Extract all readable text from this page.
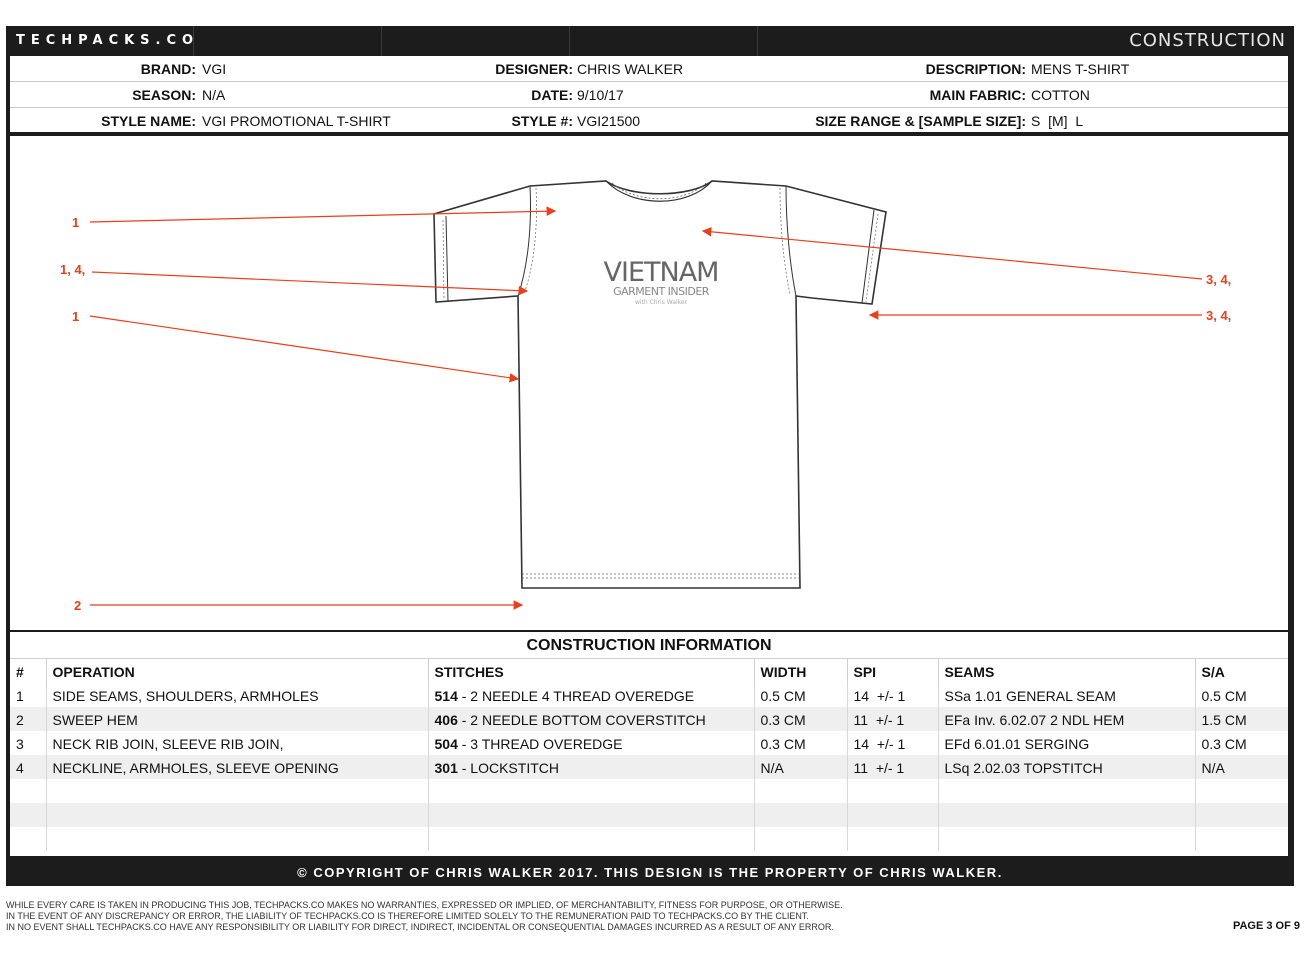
TECHPACKS.CO	CONSTRUCTION
BRAND: VGI	DESIGNER: CHRIS WALKER	DESCRIPTION: MENS T-SHIRT
SEASON: N/A	DATE: 9/10/17	MAIN FABRIC: COTTON
STYLE NAME: VGI PROMOTIONAL T-SHIRT	STYLE #: VGI21500	SIZE RANGE & [SAMPLE SIZE]: S  [M]  L
VIETNAM
GARMENT INSIDER
with Chris Walker
1
1, 4,
1
2
3, 4,
3, 4,
CONSTRUCTION INFORMATION
#	OPERATION	STITCHES	WIDTH	SPI	SEAMS	S/A
1	SIDE SEAMS, SHOULDERS, ARMHOLES	514 - 2 NEEDLE 4 THREAD OVEREDGE	0.5 CM	14  +/- 1	SSa 1.01 GENERAL SEAM	0.5 CM
2	SWEEP HEM	406 - 2 NEEDLE BOTTOM COVERSTITCH	0.3 CM	11  +/- 1	EFa Inv. 6.02.07 2 NDL HEM	1.5 CM
3	NECK RIB JOIN, SLEEVE RIB JOIN,	504 - 3 THREAD OVEREDGE	0.3 CM	14  +/- 1	EFd 6.01.01 SERGING	0.3 CM
4	NECKLINE, ARMHOLES, SLEEVE OPENING	301 - LOCKSTITCH	N/A	11  +/- 1	LSq 2.02.03 TOPSTITCH	N/A

© COPYRIGHT OF CHRIS WALKER 2017. THIS DESIGN IS THE PROPERTY OF CHRIS WALKER.
WHILE EVERY CARE IS TAKEN IN PRODUCING THIS JOB, TECHPACKS.CO MAKES NO WARRANTIES, EXPRESSED OR IMPLIED, OF MERCHANTABILITY, FITNESS FOR PURPOSE, OR OTHERWISE.
IN THE EVENT OF ANY DISCREPANCY OR ERROR, THE LIABILITY OF TECHPACKS.CO IS THEREFORE LIMITED SOLELY TO THE REMUNERATION PAID TO TECHPACKS.CO BY THE CLIENT.
IN NO EVENT SHALL TECHPACKS.CO HAVE ANY RESPONSIBILITY OR LIABILITY FOR DIRECT, INDIRECT, INCIDENTAL OR CONSEQUENTIAL DAMAGES INCURRED AS A RESULT OF ANY ERROR.	PAGE 3 OF 9
